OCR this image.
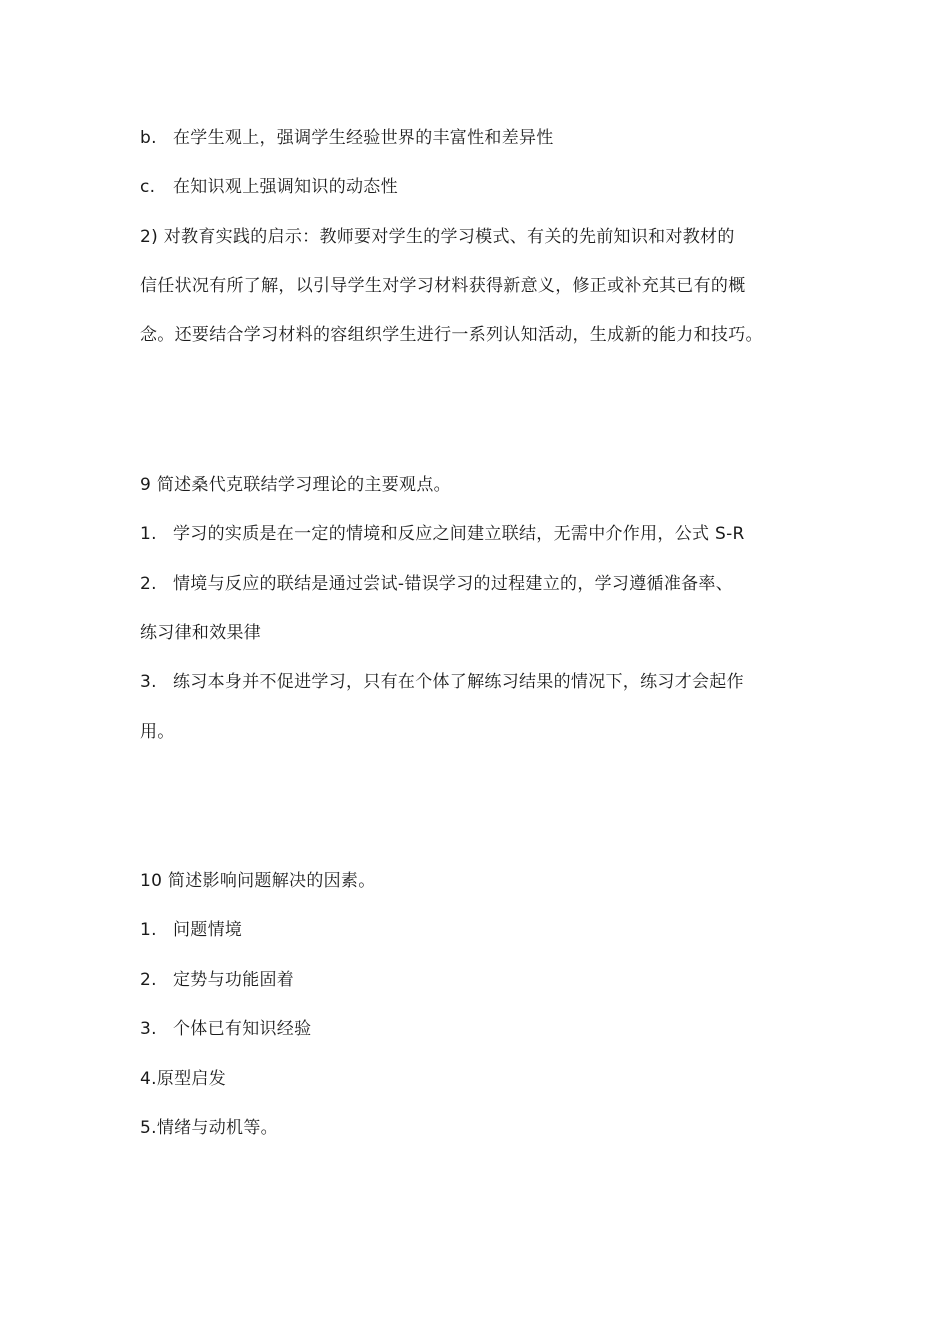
b. 在学生观上，强调学生经验世界的丰富性和差异性
c. 在知识观上强调知识的动态性
2) 对教育实践的启示：教师要对学生的学习模式、有关的先前知识和对教材的
信任状况有所了解，以引导学生对学习材料获得新意义，修正或补充其已有的概
念。还要结合学习材料的容组织学生进行一系列认知活动，生成新的能力和技巧。
9 简述桑代克联结学习理论的主要观点。
1. 学习的实质是在一定的情境和反应之间建立联结，无需中介作用，公式 S-R
2. 情境与反应的联结是通过尝试-错误学习的过程建立的，学习遵循准备率、
练习律和效果律
3. 练习本身并不促进学习，只有在个体了解练习结果的情况下，练习才会起作
用。
10 简述影响问题解决的因素。
1. 问题情境
2. 定势与功能固着
3. 个体已有知识经验
4.原型启发
5.情绪与动机等。
